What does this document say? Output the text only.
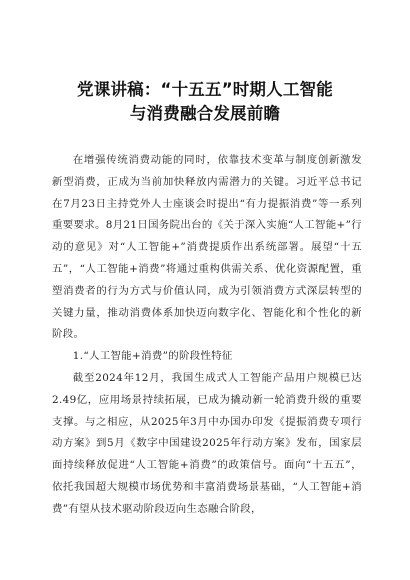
党课讲稿：“十五五”时期人工智能
与消费融合发展前瞻

在增强传统消费动能的同时，依靠技术变革与制度创新激发新型消费，正成为当前加快释放内需潜力的关键。习近平总书记在7月23日主持党外人士座谈会时提出“有力提振消费”等一系列重要要求。8月21日国务院出台的《关于深入实施“人工智能+”行动的意见》对“人工智能+”消费提质作出系统部署。展望“十五五”，“人工智能+消费”将通过重构供需关系、优化资源配置，重塑消费者的行为方式与价值认同，成为引领消费方式深层转型的关键力量，推动消费体系加快迈向数字化、智能化和个性化的新阶段。

1.“人工智能+消费”的阶段性特征

截至2024年12月，我国生成式人工智能产品用户规模已达2.49亿，应用场景持续拓展，已成为撬动新一轮消费升级的重要支撑。与之相应，从2025年3月中办国办印发《提振消费专项行动方案》到5月《数字中国建设2025年行动方案》发布，国家层面持续释放促进“人工智能+消费”的政策信号。面向“十五五”，依托我国超大规模市场优势和丰富消费场景基础，“人工智能+消费”有望从技术驱动阶段迈向生态融合阶段，
